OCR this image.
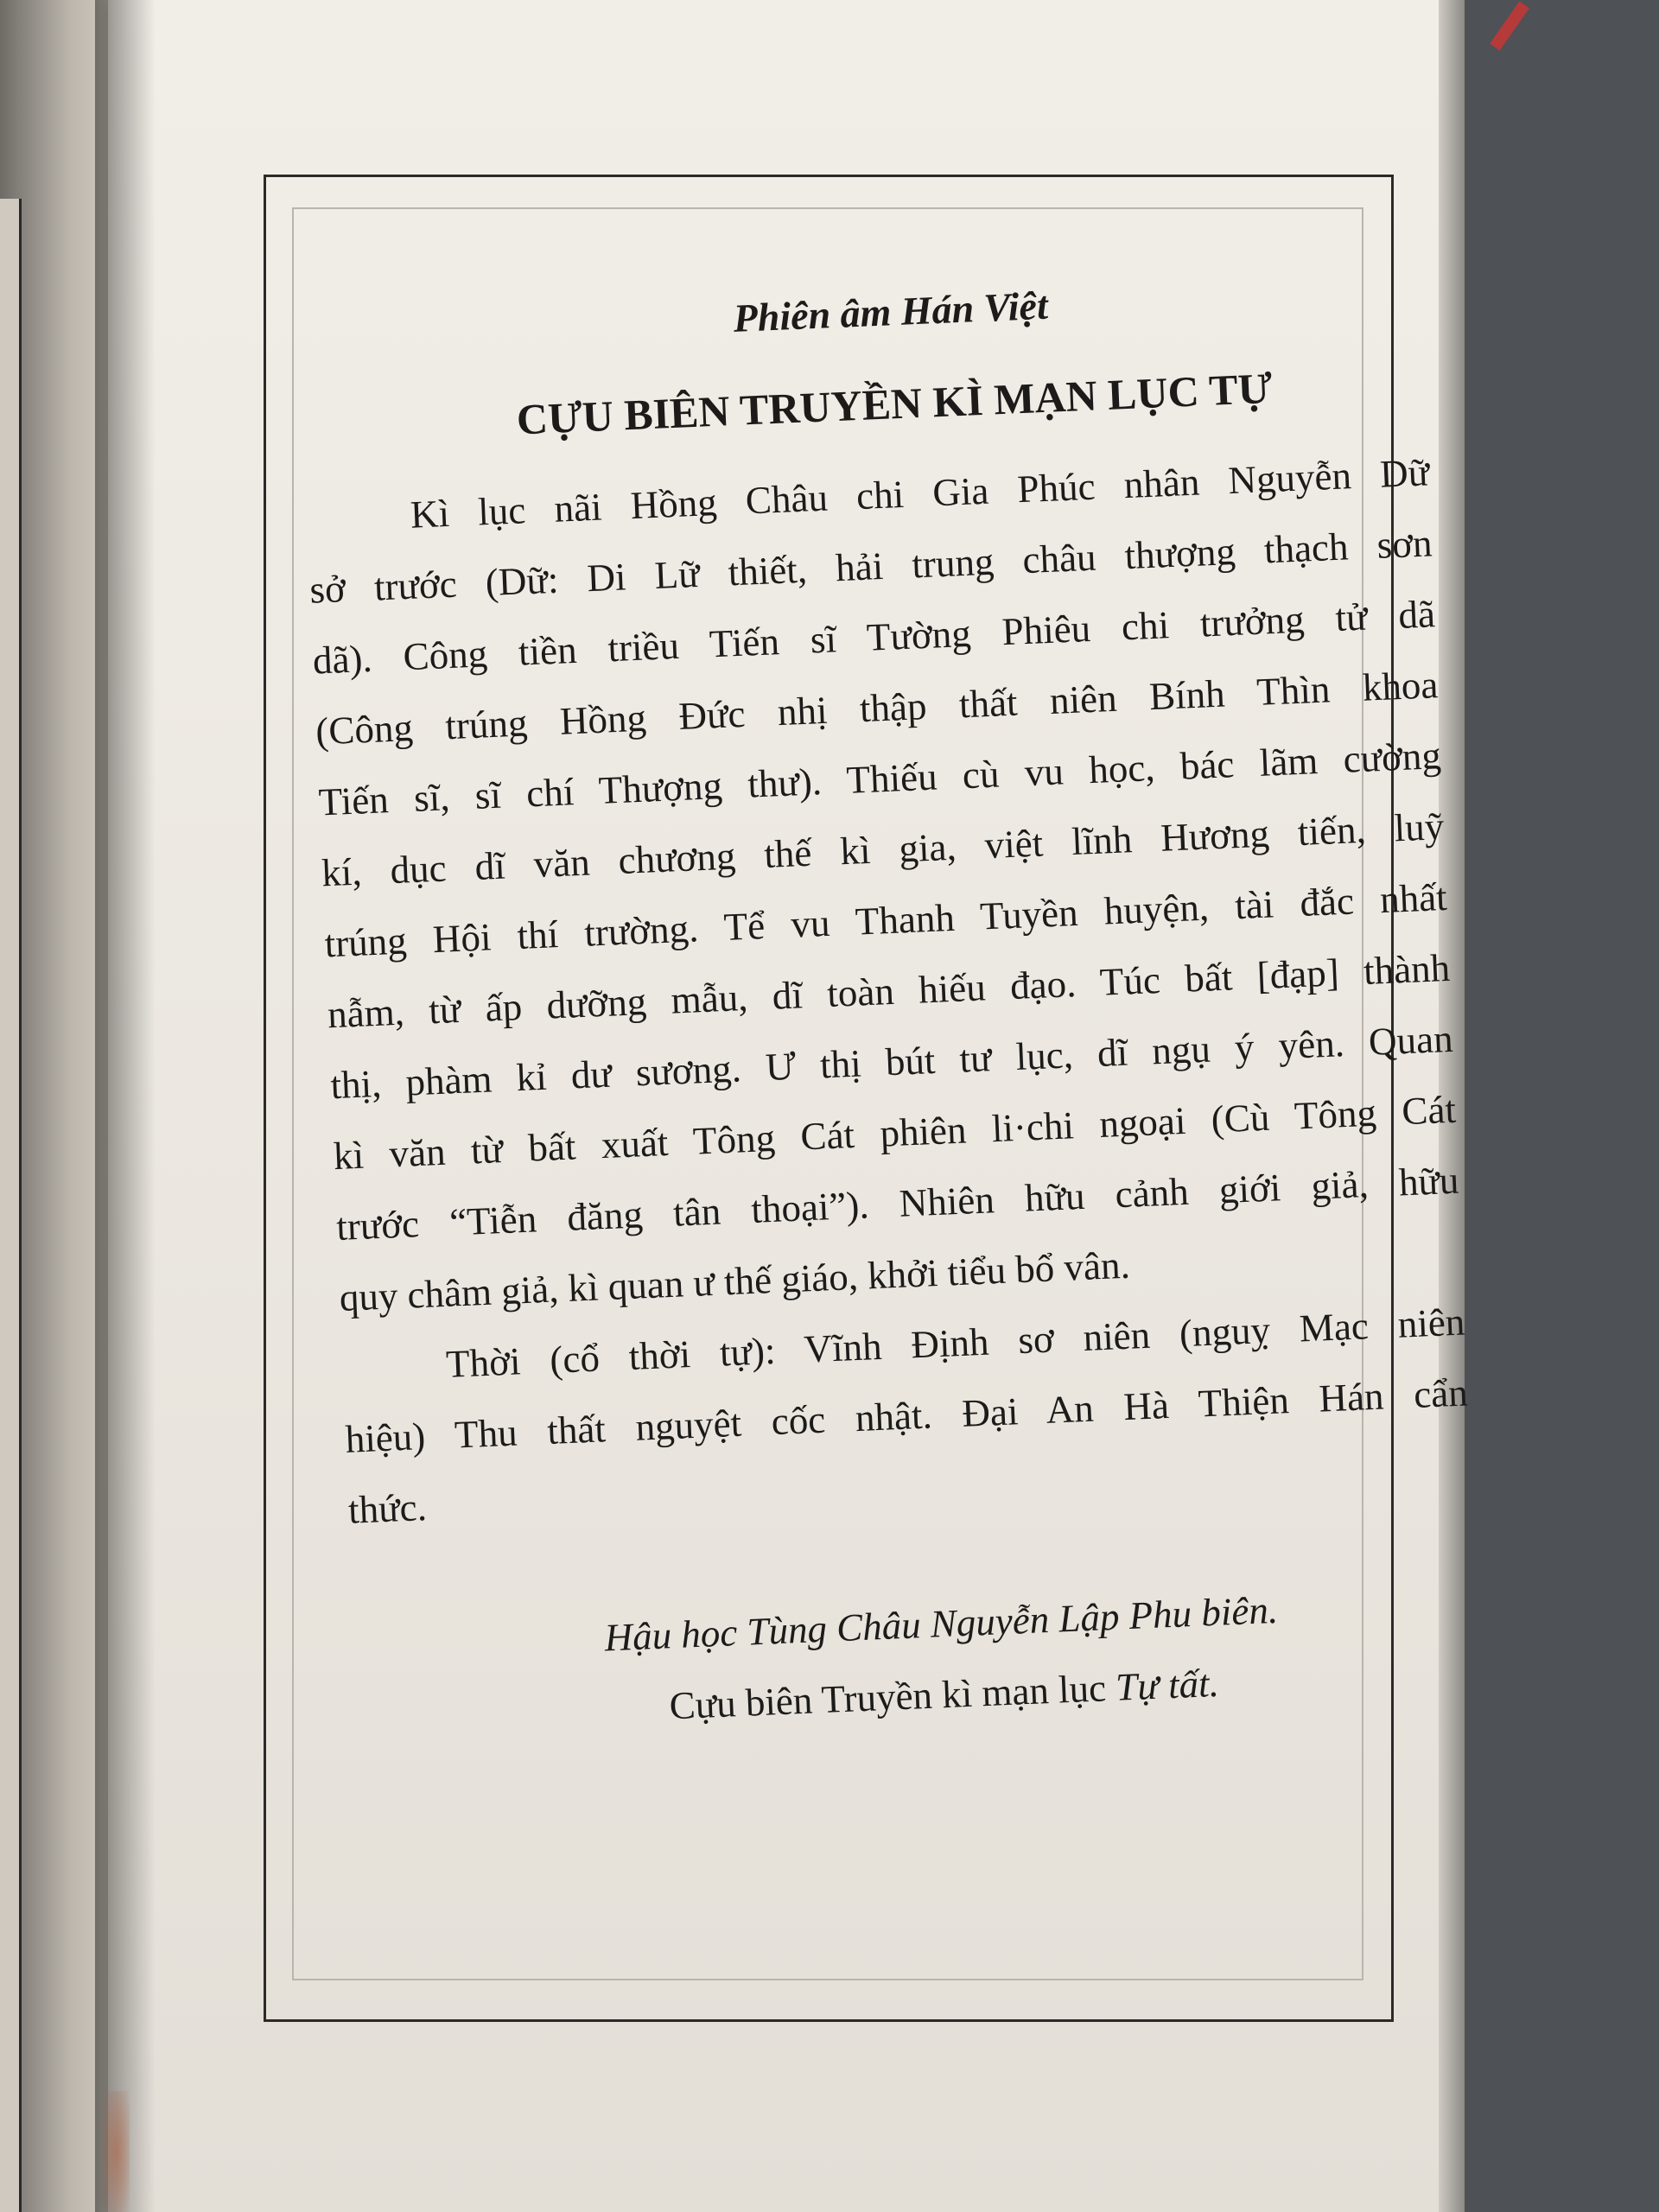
Phiên âm Hán Việt
CỰU BIÊN TRUYỀN KÌ MẠN LỤC TỰ
Kì lục nãi Hồng Châu chi Gia Phúc nhân Nguyễn Dữ
sở trước (Dữ: Di Lữ thiết, hải trung châu thượng thạch sơn
dã). Công tiền triều Tiến sĩ Tường Phiêu chi trưởng tử dã
(Công trúng Hồng Đức nhị thập thất niên Bính Thìn khoa
Tiến sĩ, sĩ chí Thượng thư). Thiếu cù vu học, bác lãm cường
kí, dục dĩ văn chương thế kì gia, việt lĩnh Hương tiến, luỹ
trúng Hội thí trường. Tể vu Thanh Tuyền huyện, tài đắc nhất
nẫm, từ ấp dưỡng mẫu, dĩ toàn hiếu đạo. Túc bất [đạp] thành
thị, phàm kỉ dư sương. Ư thị bút tư lục, dĩ ngụ ý yên. Quan
kì văn từ bất xuất Tông Cát phiên li·chi ngoại (Cù Tông Cát
trước “Tiễn đăng tân thoại”). Nhiên hữu cảnh giới giả, hữu
quy châm giả, kì quan ư thế giáo, khởi tiểu bổ vân.
Thời (cổ thời tự): Vĩnh Định sơ niên (nguỵ Mạc niên
hiệu) Thu thất nguyệt cốc nhật. Đại An Hà Thiện Hán cẩn
thức.
Hậu học Tùng Châu Nguyễn Lập Phu biên.
Cựu biên Truyền kì mạn lục Tự tất.
